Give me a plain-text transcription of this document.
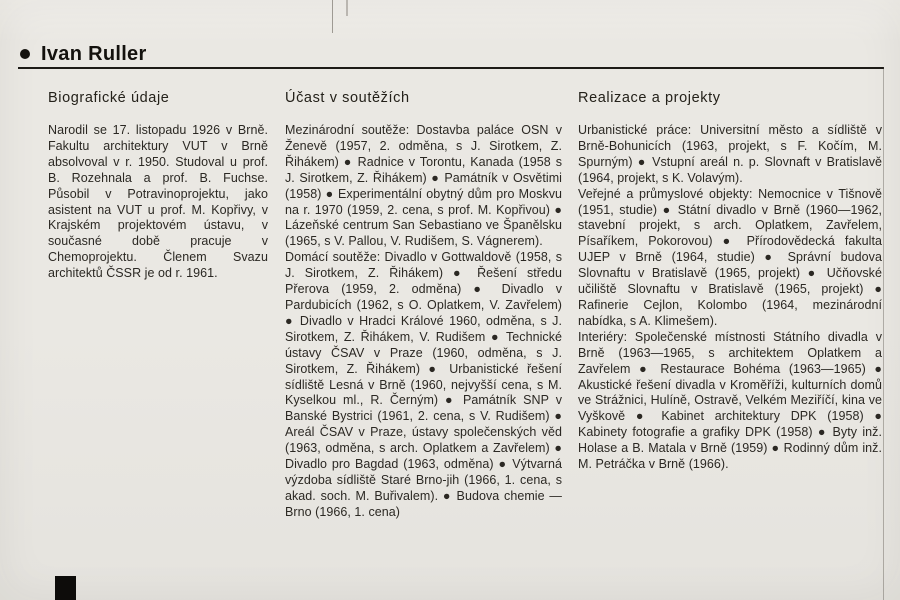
Ivan Ruller
Biografické údaje

Narodil se 17. listopadu 1926 v Brně. Fakultu architektury VUT v Brně absolvoval v r. 1950. Studoval u prof. B. Rozehnala a prof. B. Fuchse. Působil v Potravinoprojektu, jako asistent na VUT u prof. M. Kopřivy, v Krajském projektovém ústavu, v současné době pracuje v Chemoprojektu. Členem Svazu architektů ČSSR je od r. 1961.

Účast v soutěžích

Mezinárodní soutěže: Dostavba paláce OSN v Ženevě (1957, 2. odměna, s J. Sirotkem, Z. Řihákem) ● Radnice v Torontu, Kanada (1958 s J. Sirotkem, Z. Řihákem) ● Památník v Osvětimi (1958) ● Experimentální obytný dům pro Moskvu na r. 1970 (1959, 2. cena, s prof. M. Kopřivou) ● Lázeňské centrum San Sebastiano ve Španělsku (1965, s V. Pallou, V. Rudišem, S. Vágnerem).

Domácí soutěže: Divadlo v Gottwaldově (1958, s J. Sirotkem, Z. Řihákem) ● Řešení středu Přerova (1959, 2. odměna) ● Divadlo v Pardubicích (1962, s O. Oplatkem, V. Zavřelem) ● Divadlo v Hradci Králové 1960, odměna, s J. Sirotkem, Z. Řihákem, V. Rudišem ● Technické ústavy ČSAV v Praze (1960, odměna, s J. Sirotkem, Z. Řihákem) ● Urbanistické řešení sídliště Lesná v Brně (1960, nejvyšší cena, s M. Kyselkou ml., R. Černým) ● Památník SNP v Banské Bystrici (1961, 2. cena, s V. Rudišem) ● Areál ČSAV v Praze, ústavy společenských věd (1963, odměna, s arch. Oplatkem a Zavřelem) ● Divadlo pro Bagdad (1963, odměna) ● Výtvarná výzdoba sídliště Staré Brno-jih (1966, 1. cena, s akad. soch. M. Buřivalem). ● Budova chemie — Brno (1966, 1. cena)

Realizace a projekty

Urbanistické práce: Universitní město a sídliště v Brně-Bohunicích (1963, projekt, s F. Kočím, M. Spurným) ● Vstupní areál n. p. Slovnaft v Bratislavě (1964, projekt, s K. Volavým).

Veřejné a průmyslové objekty: Nemocnice v Tišnově (1951, studie) ● Státní divadlo v Brně (1960—1962, stavební projekt, s arch. Oplatkem, Zavřelem, Písaříkem, Pokorovou) ● Přírodovědecká fakulta UJEP v Brně (1964, studie) ● Správní budova Slovnaftu v Bratislavě (1965, projekt) ● Učňovské učiliště Slovnaftu v Bratislavě (1965, projekt) ● Rafinerie Cejlon, Kolombo (1964, mezinárodní nabídka, s A. Klimešem).

Interiéry: Společenské místnosti Státního divadla v Brně (1963—1965, s architektem Oplatkem a Zavřelem ● Restaurace Bohéma (1963—1965) ● Akustické řešení divadla v Kroměříži, kulturních domů ve Strážnici, Hulíně, Ostravě, Velkém Meziříčí, kina ve Vyškově ● Kabinet architektury DPK (1958) ● Kabinety fotografie a grafiky DPK (1958) ● Byty inž. Holase a B. Matala v Brně (1959) ● Rodinný dům inž. M. Petráčka v Brně (1966).
